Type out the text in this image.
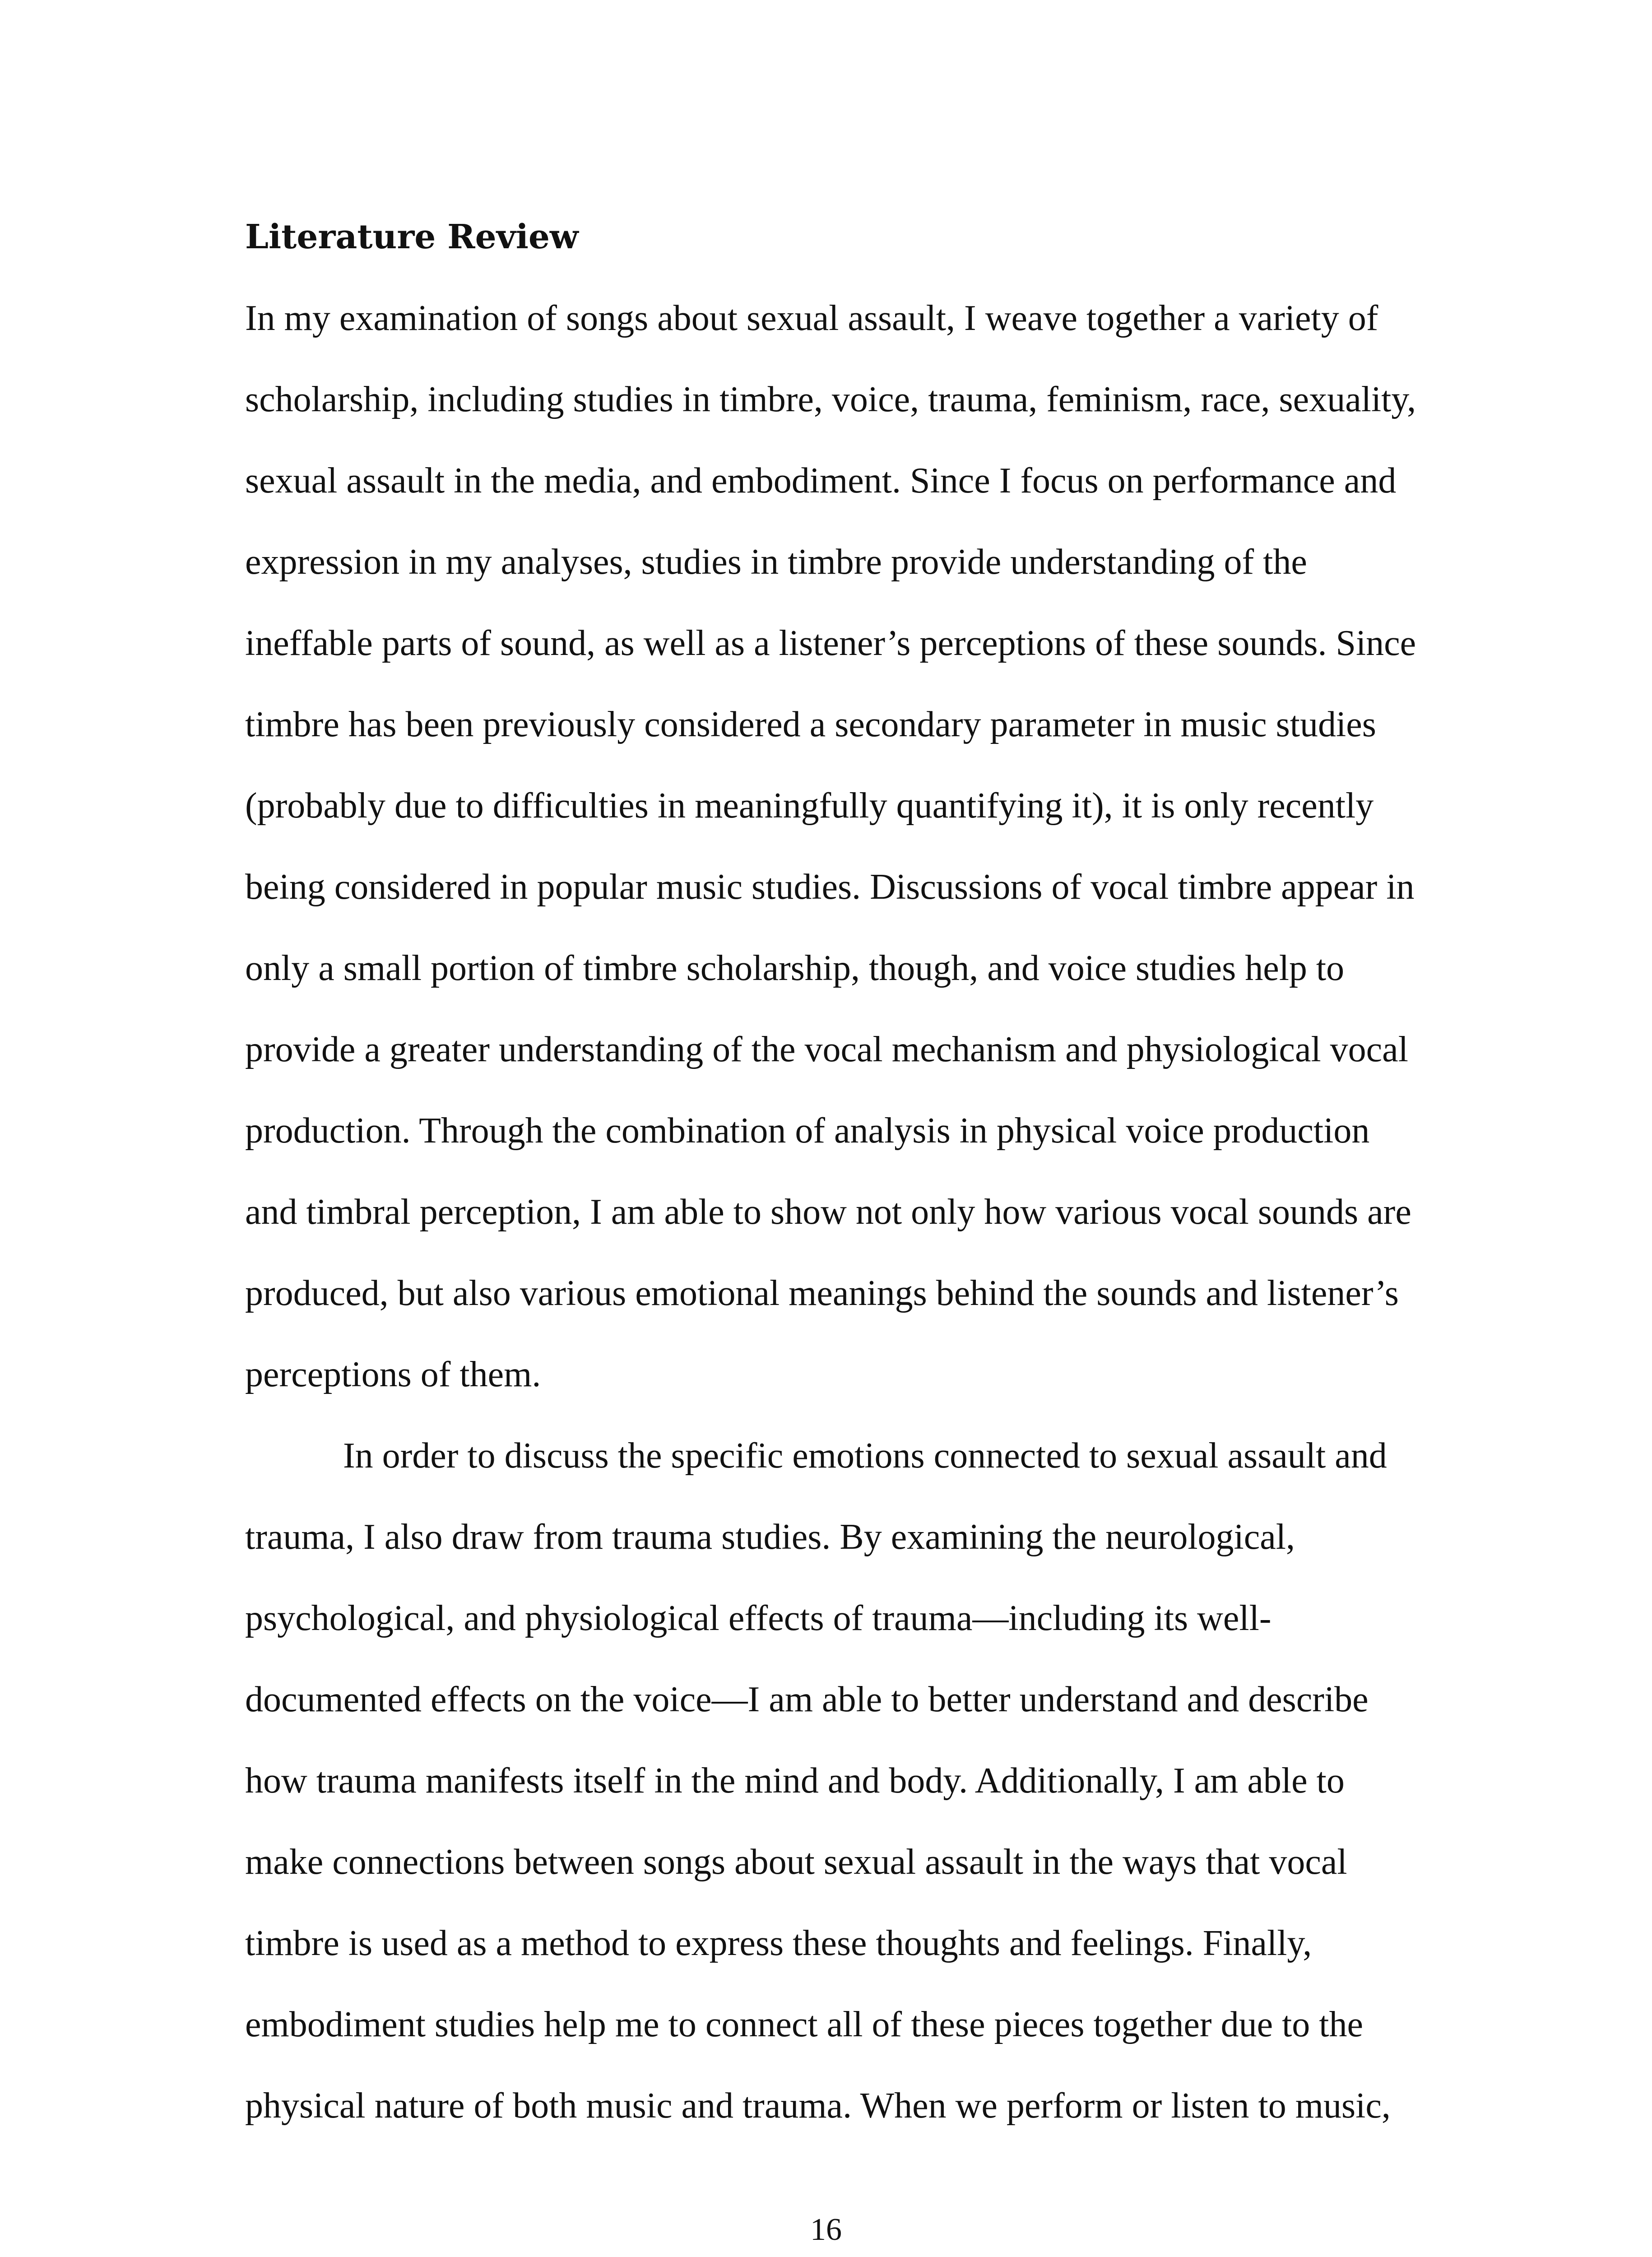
Literature Review

In my examination of songs about sexual assault, I weave together a variety of

scholarship, including studies in timbre, voice, trauma, feminism, race, sexuality,

sexual assault in the media, and embodiment. Since I focus on performance and

expression in my analyses, studies in timbre provide understanding of the

ineffable parts of sound, as well as a listener’s perceptions of these sounds. Since

timbre has been previously considered a secondary parameter in music studies

(probably due to difficulties in meaningfully quantifying it), it is only recently

being considered in popular music studies. Discussions of vocal timbre appear in

only a small portion of timbre scholarship, though, and voice studies help to

provide a greater understanding of the vocal mechanism and physiological vocal

production. Through the combination of analysis in physical voice production

and timbral perception, I am able to show not only how various vocal sounds are

produced, but also various emotional meanings behind the sounds and listener’s

perceptions of them.

In order to discuss the specific emotions connected to sexual assault and

trauma, I also draw from trauma studies. By examining the neurological,

psychological, and physiological effects of trauma—including its well-

documented effects on the voice—I am able to better understand and describe

how trauma manifests itself in the mind and body. Additionally, I am able to

make connections between songs about sexual assault in the ways that vocal

timbre is used as a method to express these thoughts and feelings. Finally,

embodiment studies help me to connect all of these pieces together due to the

physical nature of both music and trauma. When we perform or listen to music,

16
